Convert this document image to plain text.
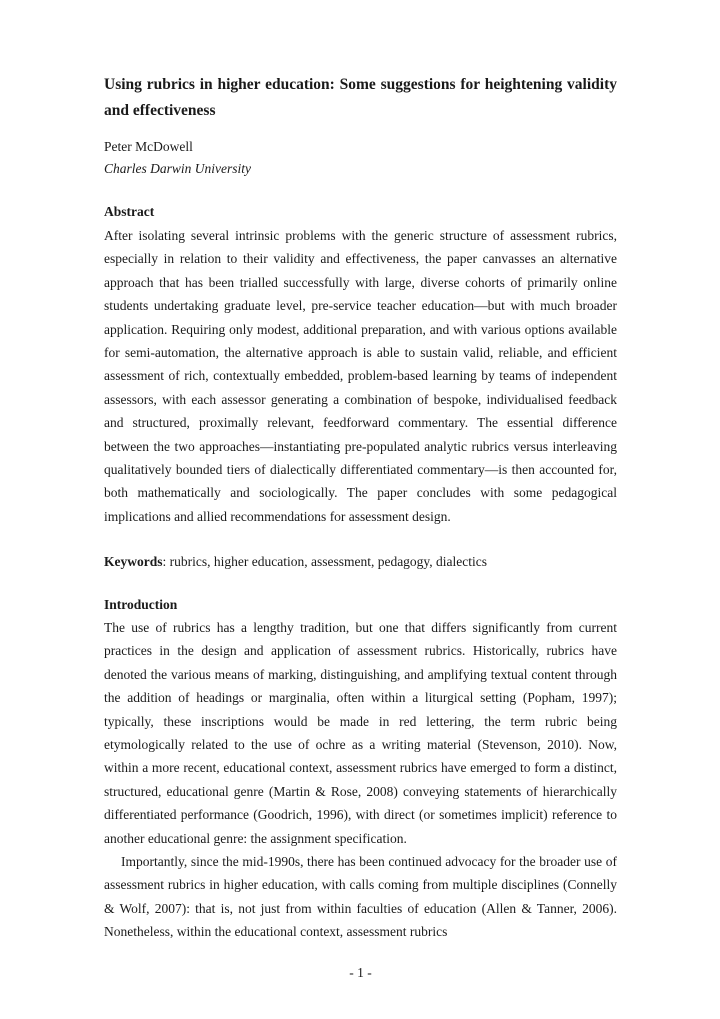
Using rubrics in higher education: Some suggestions for heightening validity and effectiveness
Peter McDowell
Charles Darwin University
Abstract
After isolating several intrinsic problems with the generic structure of assessment rubrics, especially in relation to their validity and effectiveness, the paper canvasses an alternative approach that has been trialled successfully with large, diverse cohorts of primarily online students undertaking graduate level, pre-service teacher education—but with much broader application. Requiring only modest, additional preparation, and with various options available for semi-automation, the alternative approach is able to sustain valid, reliable, and efficient assessment of rich, contextually embedded, problem-based learning by teams of independent assessors, with each assessor generating a combination of bespoke, individualised feedback and structured, proximally relevant, feedforward commentary. The essential difference between the two approaches—instantiating pre-populated analytic rubrics versus interleaving qualitatively bounded tiers of dialectically differentiated commentary—is then accounted for, both mathematically and sociologically. The paper concludes with some pedagogical implications and allied recommendations for assessment design.
Keywords: rubrics, higher education, assessment, pedagogy, dialectics
Introduction
The use of rubrics has a lengthy tradition, but one that differs significantly from current practices in the design and application of assessment rubrics. Historically, rubrics have denoted the various means of marking, distinguishing, and amplifying textual content through the addition of headings or marginalia, often within a liturgical setting (Popham, 1997); typically, these inscriptions would be made in red lettering, the term rubric being etymologically related to the use of ochre as a writing material (Stevenson, 2010). Now, within a more recent, educational context, assessment rubrics have emerged to form a distinct, structured, educational genre (Martin & Rose, 2008) conveying statements of hierarchically differentiated performance (Goodrich, 1996), with direct (or sometimes implicit) reference to another educational genre: the assignment specification.
Importantly, since the mid-1990s, there has been continued advocacy for the broader use of assessment rubrics in higher education, with calls coming from multiple disciplines (Connelly & Wolf, 2007): that is, not just from within faculties of education (Allen & Tanner, 2006). Nonetheless, within the educational context, assessment rubrics
- 1 -
